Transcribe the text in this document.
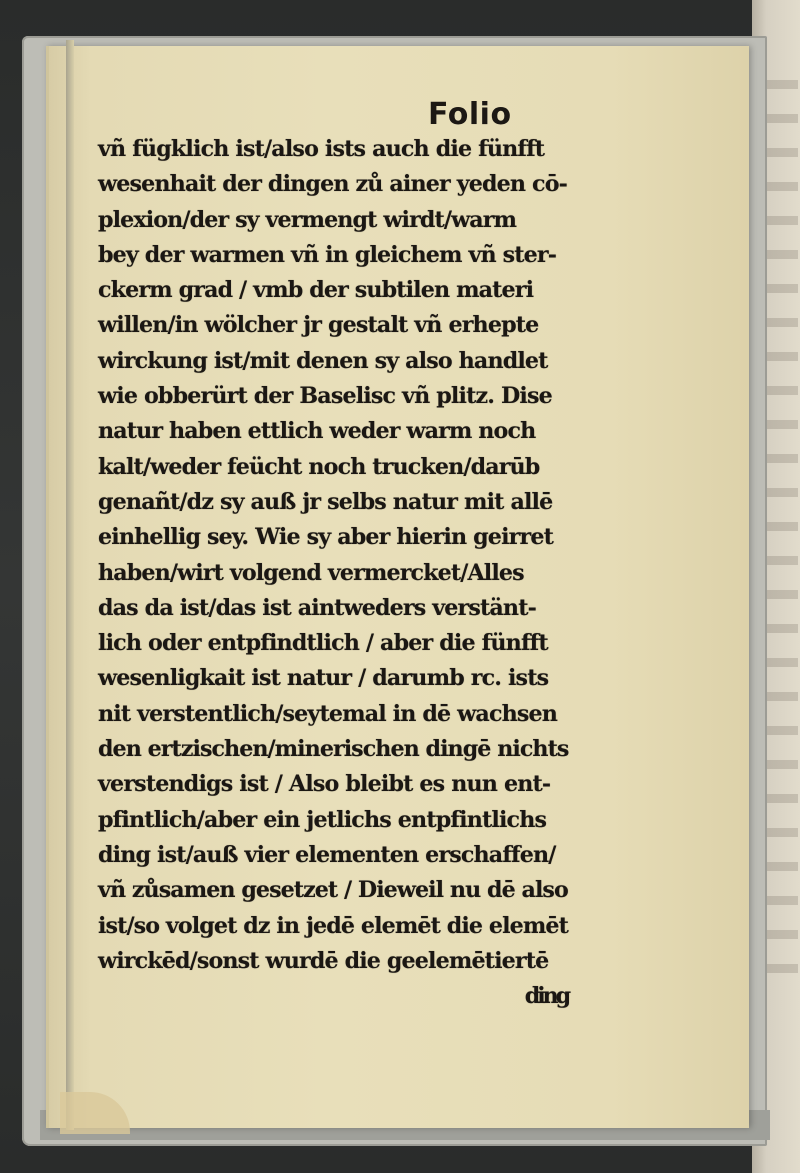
Folio
vñ fügklich ist/also ists auch die fünfft
wesenhait der dingen zů ainer yeden cō-
plexion/der sy vermengt wirdt/warm
bey der warmen vñ in gleichem vñ ster-
ckerm grad / vmb der subtilen materi
willen/in wölcher jr gestalt vñ erhepte
wirckung ist/mit denen sy also handlet
wie obberürt der Baselisc vñ plitz. Dise
natur haben ettlich weder warm noch
kalt/weder feücht noch trucken/darūb
genañt/dz sy auß jr selbs natur mit allē
einhellig sey. Wie sy aber hierin geirret
haben/wirt volgend vermercket/Alles
das da ist/das ist aintweders verstänt-
lich oder entpfindtlich / aber die fünfft
wesenligkait ist natur / darumb rc. ists
nit verstentlich/seytemal in dē wachsen
den ertzischen/minerischen dingē nichts
verstendigs ist / Also bleibt es nun ent-
pfintlich/aber ein jetlichs entpfintlichs
ding ist/auß vier elementen erschaffen/
vñ zůsamen gesetzet / Dieweil nu dē also
ist/so volget dz in jedē elemēt die elemēt
wirckēd/sonst wurdē die geelemētiertē
ding
